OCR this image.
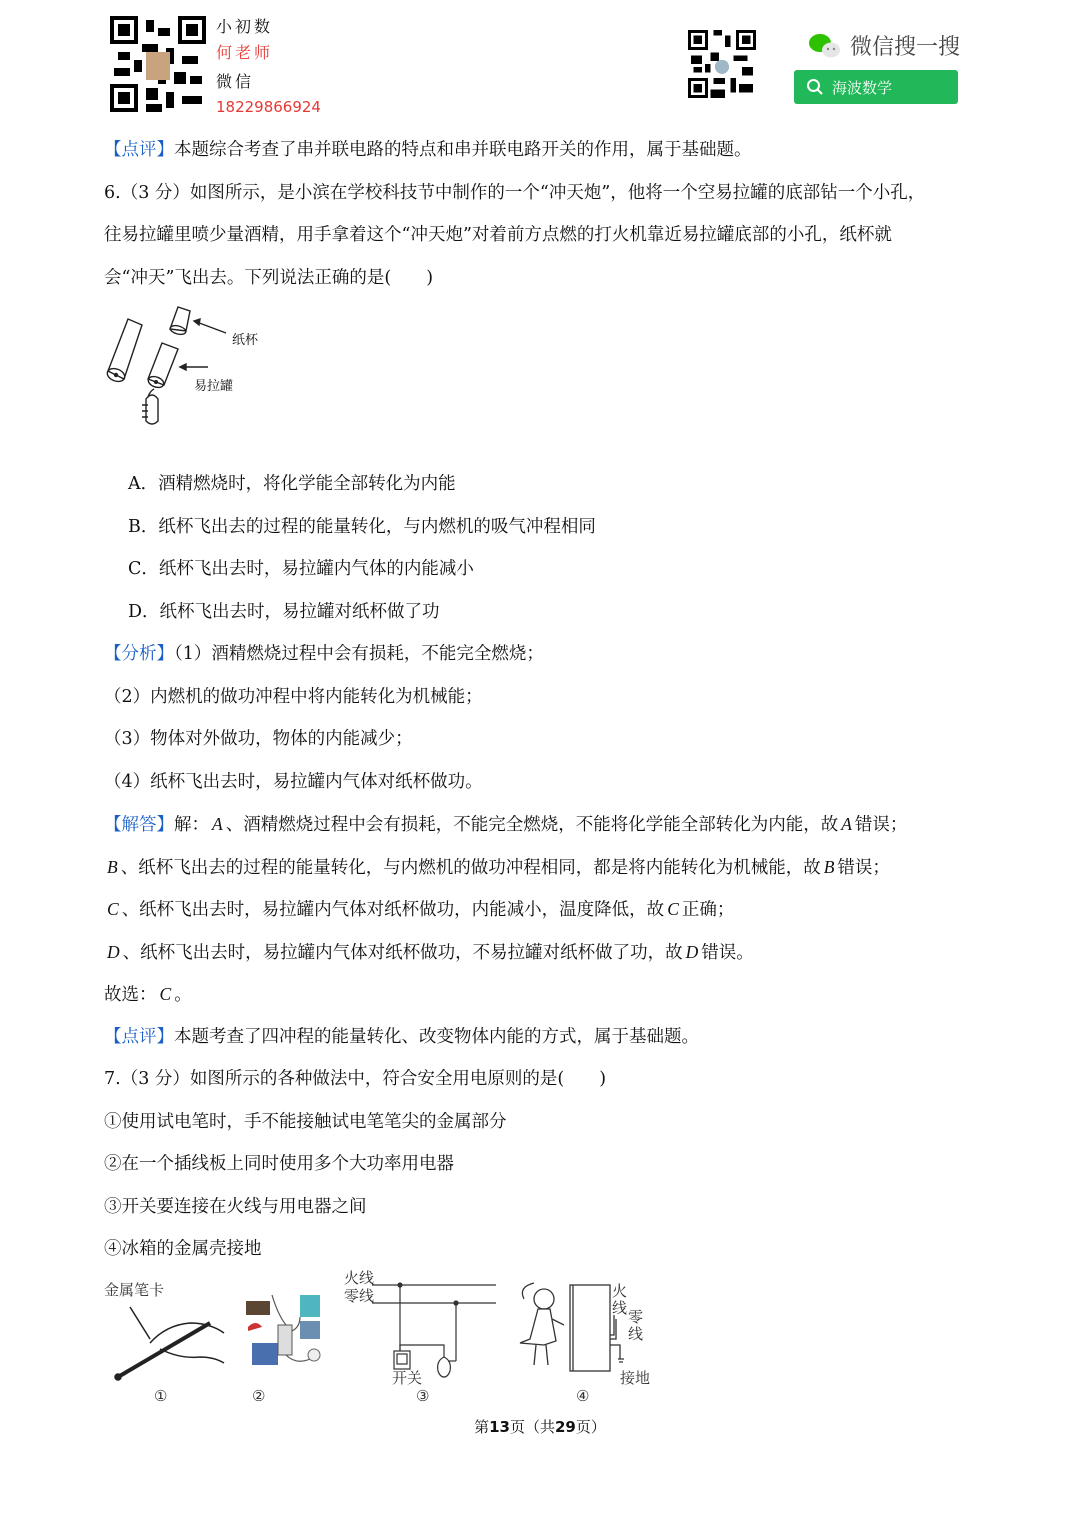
小初数
何老师
微信
18229866924
微信搜一搜
海波数学
【点评】本题综合考查了串并联电路的特点和串并联电路开关的作用，属于基础题。
6.（3 分）如图所示，是小滨在学校科技节中制作的一个“冲天炮”，他将一个空易拉罐的底部钻一个小孔，
往易拉罐里喷少量酒精，用手拿着这个“冲天炮”对着前方点燃的打火机靠近易拉罐底部的小孔，纸杯就
会“冲天”飞出去。下列说法正确的是(　　)
纸杯
易拉罐
A．酒精燃烧时，将化学能全部转化为内能
B．纸杯飞出去的过程的能量转化，与内燃机的吸气冲程相同
C．纸杯飞出去时，易拉罐内气体的内能减小
D．纸杯飞出去时，易拉罐对纸杯做了功
【分析】（1）酒精燃烧过程中会有损耗，不能完全燃烧；
（2）内燃机的做功冲程中将内能转化为机械能；
（3）物体对外做功，物体的内能减少；
（4）纸杯飞出去时，易拉罐内气体对纸杯做功。
【解答】解： A 、酒精燃烧过程中会有损耗，不能完全燃烧，不能将化学能全部转化为内能，故 A 错误；
B 、纸杯飞出去的过程的能量转化，与内燃机的做功冲程相同，都是将内能转化为机械能，故 B 错误；
C 、纸杯飞出去时，易拉罐内气体对纸杯做功，内能减小，温度降低，故 C 正确；
D 、纸杯飞出去时，易拉罐内气体对纸杯做功，不易拉罐对纸杯做了功，故 D 错误。
故选： C 。
【点评】本题考查了四冲程的能量转化、改变物体内能的方式，属于基础题。
7.（3 分）如图所示的各种做法中，符合安全用电原则的是(　　)
①使用试电笔时，手不能接触试电笔笔尖的金属部分
②在一个插线板上同时使用多个大功率用电器
③开关要连接在火线与用电器之间
④冰箱的金属壳接地
金属笔卡
火线
零线
开关
火线 零线
接地
①	②	③	④
第13页（共29页）
